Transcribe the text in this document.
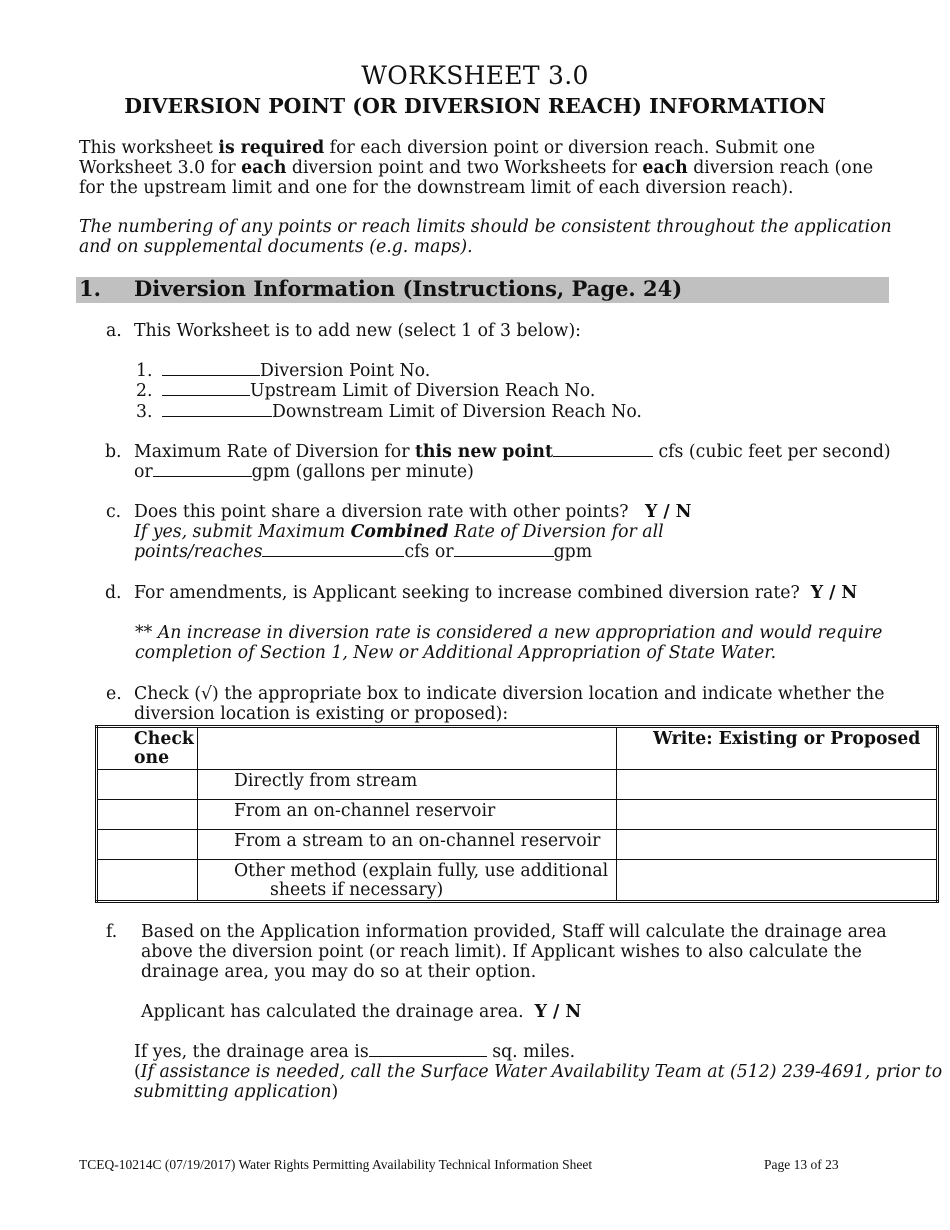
WORKSHEET 3.0
DIVERSION POINT (OR DIVERSION REACH) INFORMATION
This worksheet is required for each diversion point or diversion reach. Submit one Worksheet 3.0 for each diversion point and two Worksheets for each diversion reach (one for the upstream limit and one for the downstream limit of each diversion reach).
The numbering of any points or reach limits should be consistent throughout the application and on supplemental documents (e.g. maps).
1. Diversion Information (Instructions, Page. 24)
a. This Worksheet is to add new (select 1 of 3 below):
1.	Diversion Point No.
2.	Upstream Limit of Diversion Reach No.
3.	Downstream Limit of Diversion Reach No.
b. Maximum Rate of Diversion for this new point	cfs (cubic feet per second)
or	gpm (gallons per minute)
c. Does this point share a diversion rate with other points? Y / N
If yes, submit Maximum Combined Rate of Diversion for all
points/reaches	cfs or	gpm
d. For amendments, is Applicant seeking to increase combined diversion rate? Y / N
** An increase in diversion rate is considered a new appropriation and would require
completion of Section 1, New or Additional Appropriation of State Water.
e. Check (√) the appropriate box to indicate diversion location and indicate whether the
diversion location is existing or proposed):
Check
one		Write: Existing or Proposed
	Directly from stream	
	From an on-channel reservoir	
	From a stream to an on-channel reservoir	

	Other method (explain fully, use additional
sheets if necessary)	

f. Based on the Application information provided, Staff will calculate the drainage area
above the diversion point (or reach limit). If Applicant wishes to also calculate the
drainage area, you may do so at their option.
Applicant has calculated the drainage area. Y / N
If yes, the drainage area is	sq. miles.
(If assistance is needed, call the Surface Water Availability Team at (512) 239-4691, prior to
submitting application)
TCEQ-10214C (07/19/2017) Water Rights Permitting Availability Technical Information Sheet	Page 13 of 23
